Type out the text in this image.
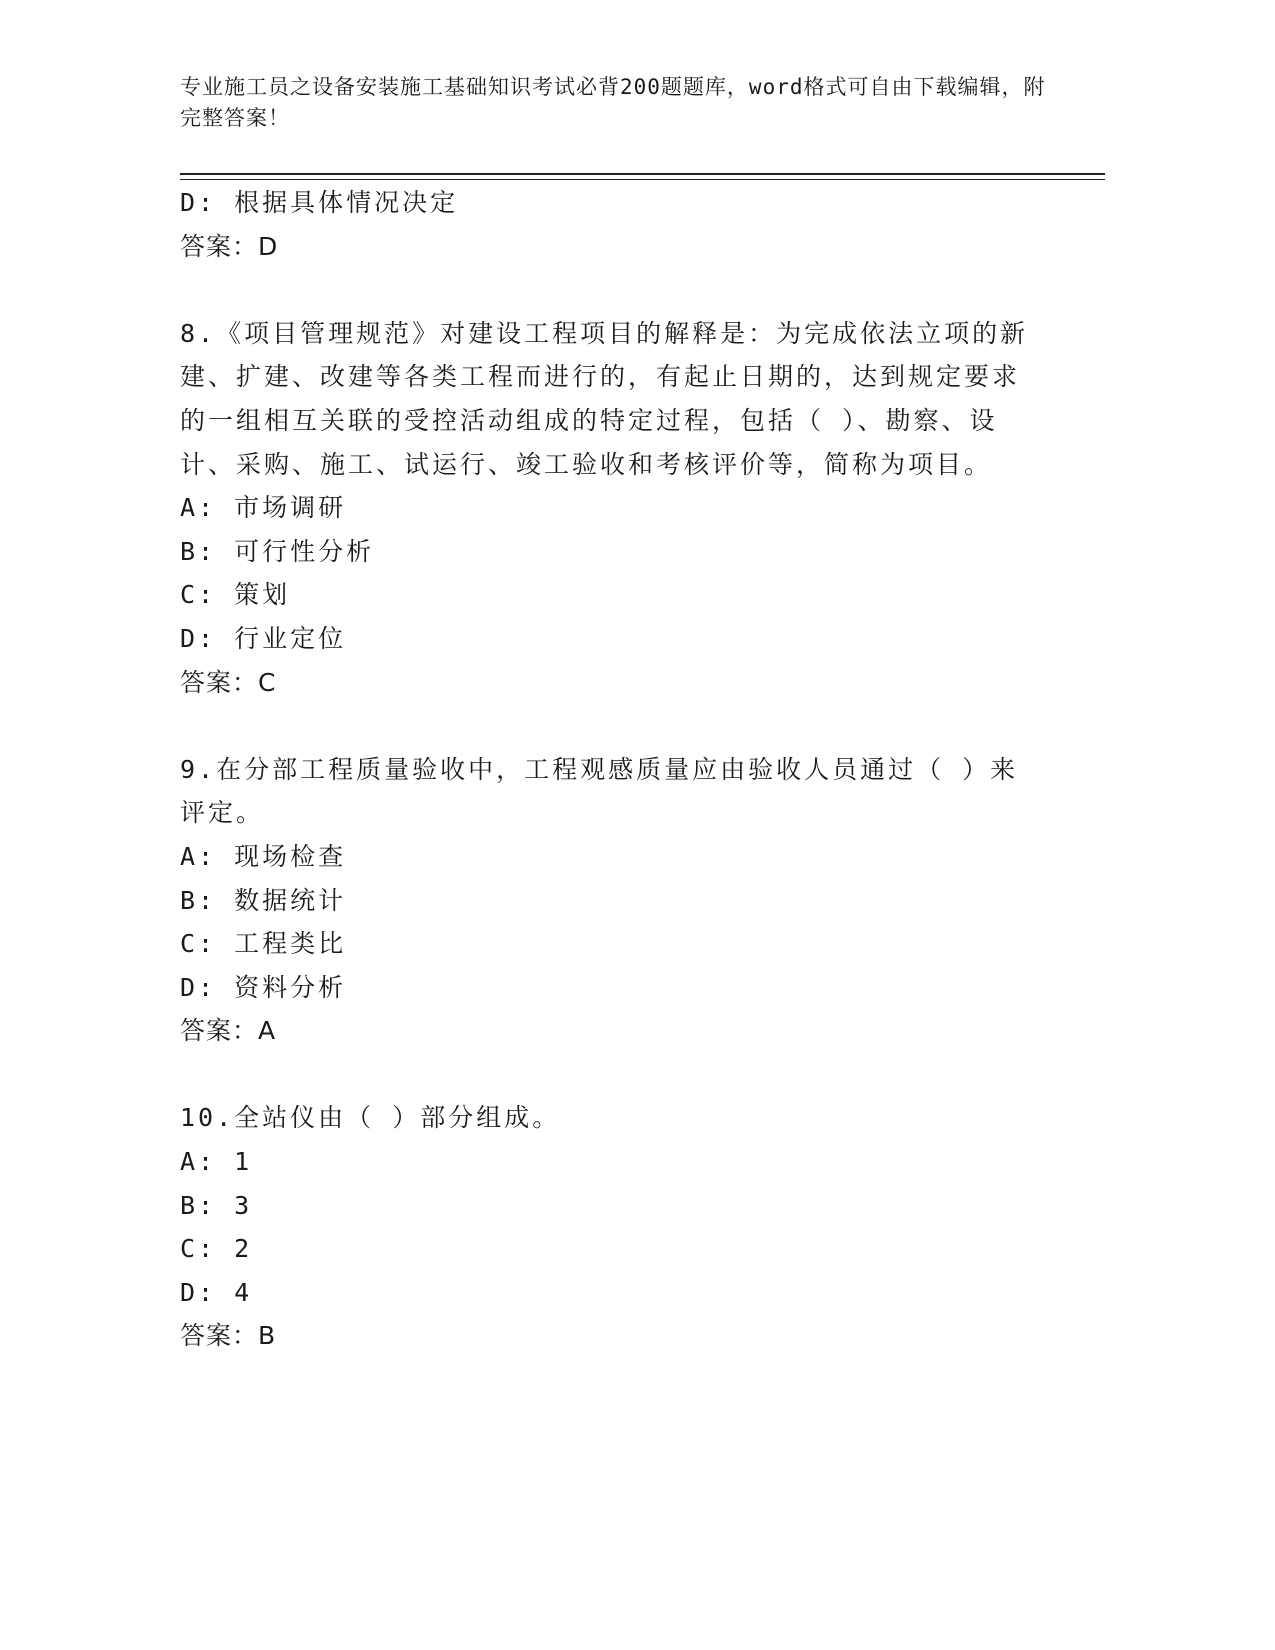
专业施工员之设备安装施工基础知识考试必背200题题库，word格式可自由下载编辑，附完整答案！

D: 根据具体情况决定

答案：D

8.《项目管理规范》对建设工程项目的解释是：为完成依法立项的新建、扩建、改建等各类工程而进行的，有起止日期的，达到规定要求的一组相互关联的受控活动组成的特定过程，包括（ ）、勘察、设计、采购、施工、试运行、竣工验收和考核评价等，简称为项目。

A: 市场调研

B: 可行性分析

C: 策划

D: 行业定位

答案：C

9.在分部工程质量验收中，工程观感质量应由验收人员通过（ ）来评定。

A: 现场检查

B: 数据统计

C: 工程类比

D: 资料分析

答案：A

10.全站仪由（ ）部分组成。

A: 1

B: 3

C: 2

D: 4

答案：B
